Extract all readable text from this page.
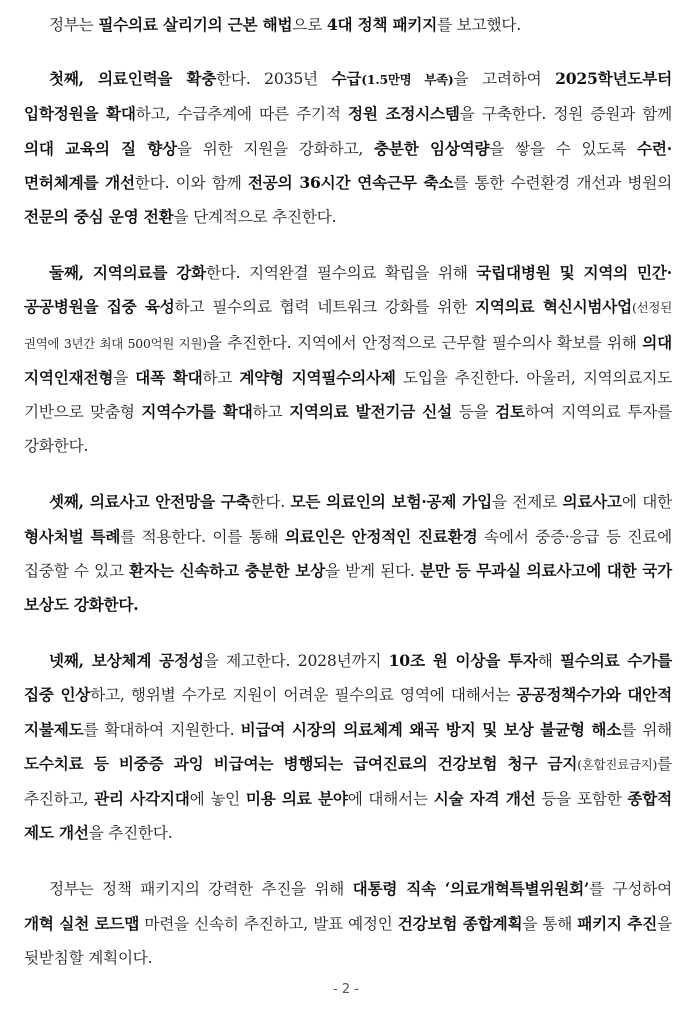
정부는 필수의료 살리기의 근본 해법으로 4대 정책 패키지를 보고했다.

첫째, 의료인력을 확충한다. 2035년 수급(1.5만명 부족)을 고려하여 2025학년도부터 입학정원을 확대하고, 수급추계에 따른 주기적 정원 조정시스템을 구축한다. 정원 증원과 함께 의대 교육의 질 향상을 위한 지원을 강화하고, 충분한 임상역량을 쌓을 수 있도록 수련·면허체계를 개선한다. 이와 함께 전공의 36시간 연속근무 축소를 통한 수련환경 개선과 병원의 전문의 중심 운영 전환을 단계적으로 추진한다.

둘째, 지역의료를 강화한다. 지역완결 필수의료 확립을 위해 국립대병원 및 지역의 민간·공공병원을 집중 육성하고 필수의료 협력 네트워크 강화를 위한 지역의료 혁신시범사업(선정된 권역에 3년간 최대 500억원 지원)을 추진한다. 지역에서 안정적으로 근무할 필수의사 확보를 위해 의대 지역인재전형을 대폭 확대하고 계약형 지역필수의사제 도입을 추진한다. 아울러, 지역의료지도 기반으로 맞춤형 지역수가를 확대하고 지역의료 발전기금 신설 등을 검토하여 지역의료 투자를 강화한다.

셋째, 의료사고 안전망을 구축한다. 모든 의료인의 보험·공제 가입을 전제로 의료사고에 대한 형사처벌 특례를 적용한다. 이를 통해 의료인은 안정적인 진료환경 속에서 중증·응급 등 진료에 집중할 수 있고 환자는 신속하고 충분한 보상을 받게 된다. 분만 등 무과실 의료사고에 대한 국가 보상도 강화한다.

넷째, 보상체계 공정성을 제고한다. 2028년까지 10조 원 이상을 투자해 필수의료 수가를 집중 인상하고, 행위별 수가로 지원이 어려운 필수의료 영역에 대해서는 공공정책수가와 대안적 지불제도를 확대하여 지원한다. 비급여 시장의 의료체계 왜곡 방지 및 보상 불균형 해소를 위해 도수치료 등 비중증 과잉 비급여는 병행되는 급여진료의 건강보험 청구 금지(혼합진료금지)를 추진하고, 관리 사각지대에 놓인 미용 의료 분야에 대해서는 시술 자격 개선 등을 포함한 종합적 제도 개선을 추진한다.

정부는 정책 패키지의 강력한 추진을 위해 대통령 직속 ‘의료개혁특별위원회’를 구성하여 개혁 실천 로드맵 마련을 신속히 추진하고, 발표 예정인 건강보험 종합계획을 통해 패키지 추진을 뒷받침할 계획이다.

- 2 -
